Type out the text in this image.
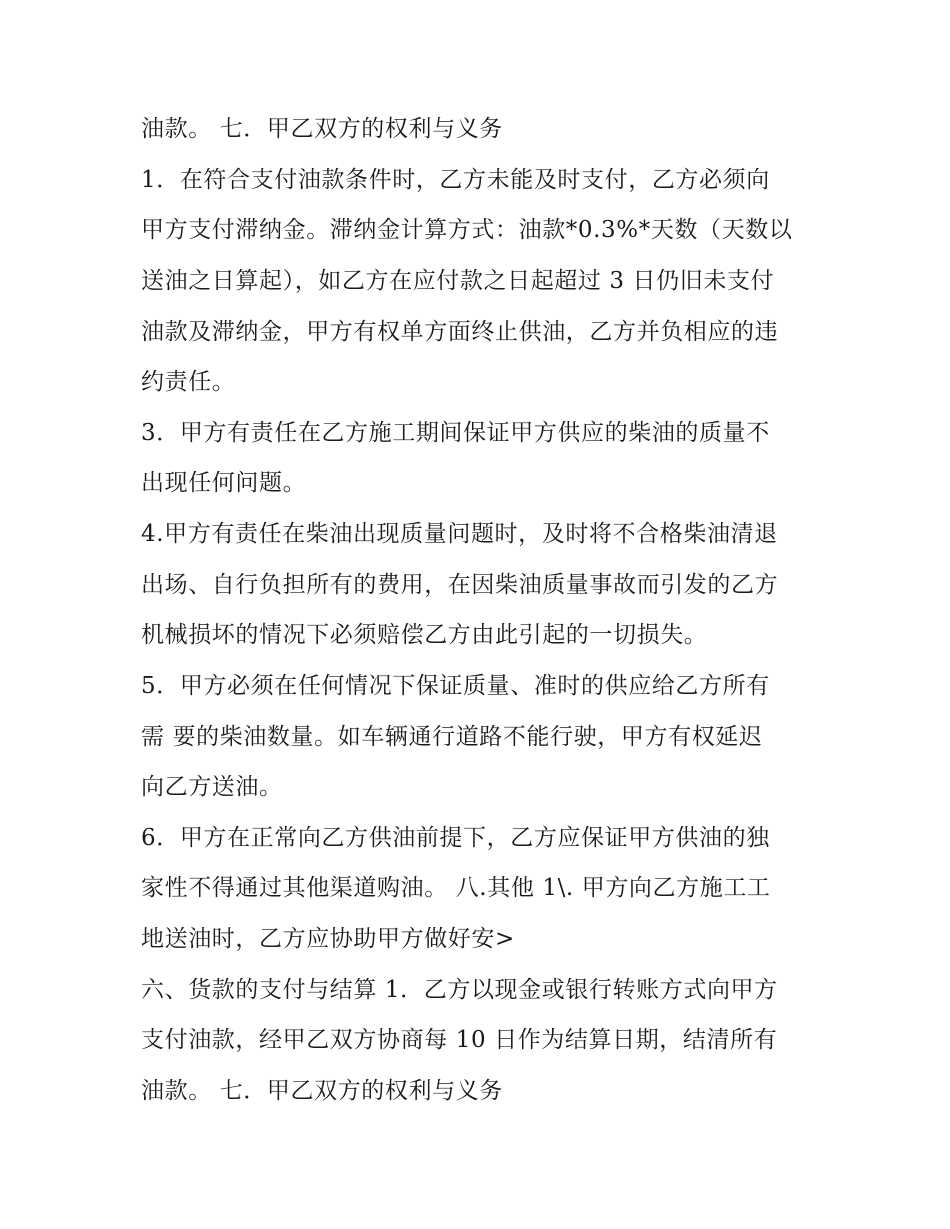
油款。 七．甲乙双方的权利与义务

1．在符合支付油款条件时，乙方未能及时支付，乙方必须向

甲方支付滞纳金。滞纳金计算方式：油款*0.3%*天数（天数以

送油之日算起），如乙方在应付款之日起超过 3 日仍旧未支付

油款及滞纳金，甲方有权单方面终止供油，乙方并负相应的违

约责任。

3．甲方有责任在乙方施工期间保证甲方供应的柴油的质量不

出现任何问题。

4.甲方有责任在柴油出现质量问题时，及时将不合格柴油清退

出场、自行负担所有的费用，在因柴油质量事故而引发的乙方

机械损坏的情况下必须赔偿乙方由此引起的一切损失。

5．甲方必须在任何情况下保证质量、准时的供应给乙方所有

需 要的柴油数量。如车辆通行道路不能行驶，甲方有权延迟

向乙方送油。

6．甲方在正常向乙方供油前提下，乙方应保证甲方供油的独

家性不得通过其他渠道购油。 八.其他 1\. 甲方向乙方施工工

地送油时，乙方应协助甲方做好安>

六、货款的支付与结算 1．乙方以现金或银行转账方式向甲方

支付油款，经甲乙双方协商每 10 日作为结算日期，结清所有

油款。 七．甲乙双方的权利与义务
